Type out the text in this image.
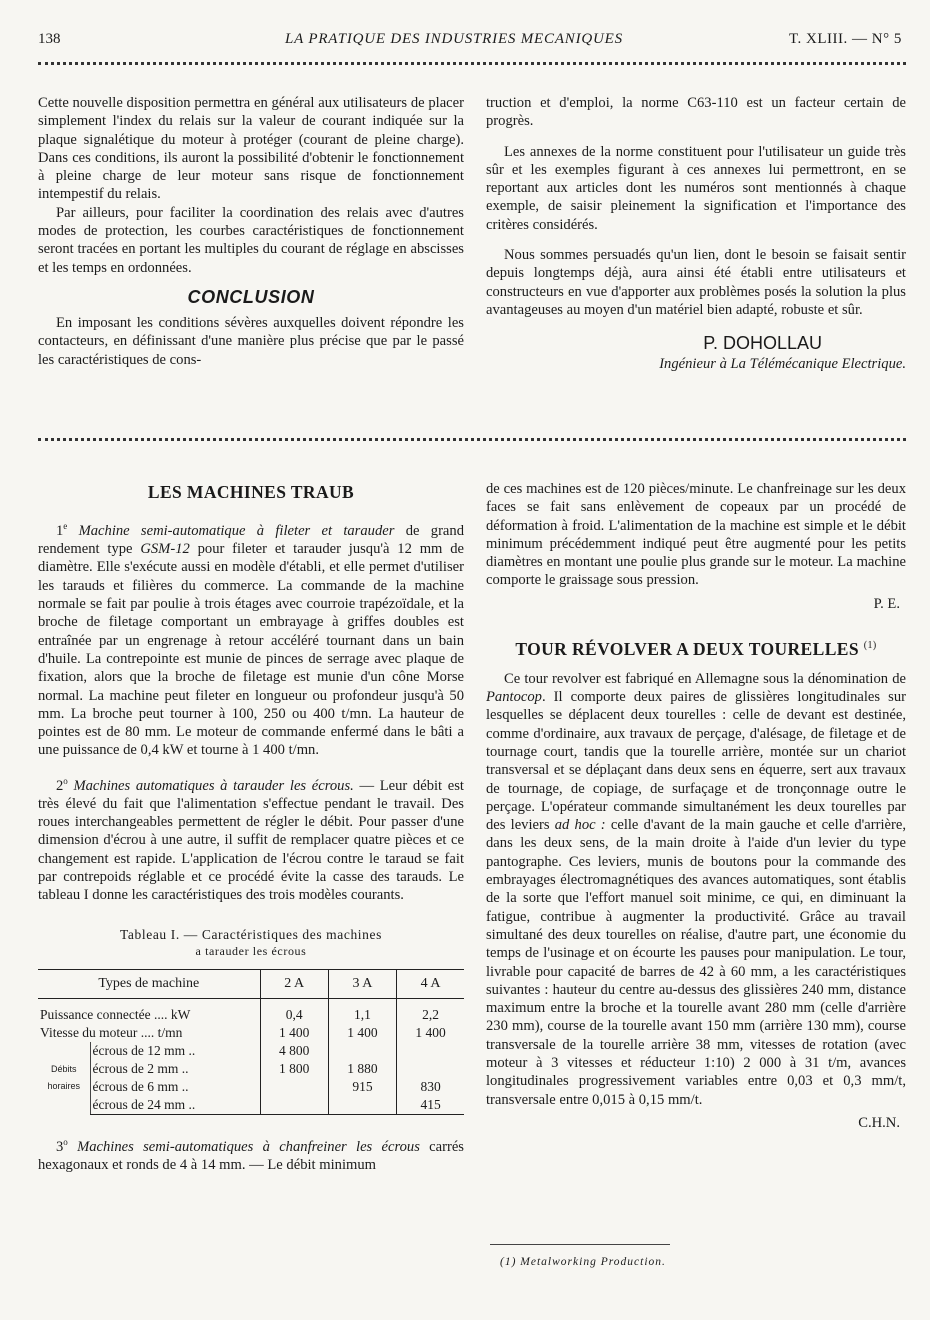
138	LA PRATIQUE DES INDUSTRIES MECANIQUES	T. XLIII. — N° 5

Cette nouvelle disposition permettra en général aux utilisateurs de placer simplement l'index du relais sur la valeur de courant indiquée sur la plaque signalétique du moteur à protéger (courant de pleine charge). Dans ces conditions, ils auront la possibilité d'obtenir le fonctionnement à pleine charge de leur moteur sans risque de fonctionnement intempestif du relais.

Par ailleurs, pour faciliter la coordination des relais avec d'autres modes de protection, les courbes caractéristiques de fonctionnement seront tracées en portant les multiples du courant de réglage en abscisses et les temps en ordonnées.

CONCLUSION

En imposant les conditions sévères auxquelles doivent répondre les contacteurs, en définissant d'une manière plus précise que par le passé les caractéristiques de cons-

truction et d'emploi, la norme C63-110 est un facteur certain de progrès.

Les annexes de la norme constituent pour l'utilisateur un guide très sûr et les exemples figurant à ces annexes lui permettront, en se reportant aux articles dont les numéros sont mentionnés à chaque exemple, de saisir pleinement la signification et l'importance des critères considérés.

Nous sommes persuadés qu'un lien, dont le besoin se faisait sentir depuis longtemps déjà, aura ainsi été établi entre utilisateurs et constructeurs en vue d'apporter aux problèmes posés la solution la plus avantageuses au moyen d'un matériel bien adapté, robuste et sûr.

P. DOHOLLAU
Ingénieur à La Télémécanique Electrique.
LES MACHINES TRAUB

1e Machine semi-automatique à fileter et tarauder de grand rendement type GSM-12 pour fileter et tarauder jusqu'à 12 mm de diamètre. Elle s'exécute aussi en modèle d'établi, et elle permet d'utiliser les tarauds et filières du commerce. La commande de la machine normale se fait par poulie à trois étages avec courroie trapézoïdale, et la broche de filetage comportant un embrayage à griffes doubles est entraînée par un engrenage à retour accéléré tournant dans un bain d'huile. La contrepointe est munie de pinces de serrage avec plaque de fixation, alors que la broche de filetage est munie d'un cône Morse normal. La machine peut fileter en longueur ou profondeur jusqu'à 50 mm. La broche peut tourner à 100, 250 ou 400 t/mn. La hauteur de pointes est de 80 mm. Le moteur de commande enfermé dans le bâti a une puissance de 0,4 kW et tourne à 1 400 t/mn.

2$^o$ Machines automatiques à tarauder les écrous. — Leur débit est très élevé du fait que l'alimentation s'effectue pendant le travail. Des roues interchangeables permettent de régler le débit. Pour passer d'une dimension d'écrou à une autre, il suffit de remplacer quatre pièces et ce changement est rapide. L'application de l'écrou contre le taraud se fait par contrepoids réglable et ce procédé évite la casse des tarauds. Le tableau I donne les caractéristiques des trois modèles courants.

Tableau I. — Caractéristiques des machines
a tarauder les écrous
Types de machine		2 A	3 A	4 A
Puissance connectée .... kW		0,4	1,1	2,2
Vitesse du moteur .... t/mn		1 400	1 400	1 400

Débits
horaires	écrous de 12 mm ..	4 800		
	écrous de 2 mm ..	1 800	1 880	
	écrous de 6 mm ..		915	830
	écrous de 24 mm ..			415

3$^o$ Machines semi-automatiques à chanfreiner les écrous carrés hexagonaux et ronds de 4 à 14 mm. — Le débit minimum

de ces machines est de 120 pièces/minute. Le chanfreinage sur les deux faces se fait sans enlèvement de copeaux par un procédé de déformation à froid. L'alimentation de la machine est simple et le débit minimum précédemment indiqué peut être augmenté pour les petits diamètres en montant une poulie plus grande sur le moteur. La machine comporte le graissage sous pression.

P. E.
TOUR RÉVOLVER A DEUX TOURELLES $^{(1)}$

Ce tour revolver est fabriqué en Allemagne sous la dénomination de Pantocop. Il comporte deux paires de glissières longitudinales sur lesquelles se déplacent deux tourelles : celle de devant est destinée, comme d'ordinaire, aux travaux de perçage, d'alésage, de filetage et de tournage court, tandis que la tourelle arrière, montée sur un chariot transversal et se déplaçant dans deux sens en équerre, sert aux travaux de tournage, de copiage, de surfaçage et de tronçonnage outre le perçage. L'opérateur commande simultanément les deux tourelles par des leviers ad hoc : celle d'avant de la main gauche et celle d'arrière, dans les deux sens, de la main droite à l'aide d'un levier du type pantographe. Ces leviers, munis de boutons pour la commande des embrayages électromagnétiques des avances automatiques, sont établis de la sorte que l'effort manuel soit minime, ce qui, en diminuant la fatigue, contribue à augmenter la productivité. Grâce au travail simultané des deux tourelles on réalise, d'autre part, une économie du temps de l'usinage et on écourte les pauses pour manipulation. Le tour, livrable pour capacité de barres de 42 à 60 mm, a les caractéristiques suivantes : hauteur du centre au-dessus des glissières 240 mm, distance maximum entre la broche et la tourelle avant 280 mm (celle d'arrière 230 mm), course de la tourelle avant 150 mm (arrière 130 mm), course transversale de la tourelle arrière 38 mm, vitesses de rotation (avec moteur à 3 vitesses et réducteur 1:10) 2 000 à 31 t/m, avances longitudinales progressivement variables entre 0,03 et 0,3 mm/t, transversale entre 0,015 à 0,15 mm/t.

C.H.N.
(1) Metalworking Production.
